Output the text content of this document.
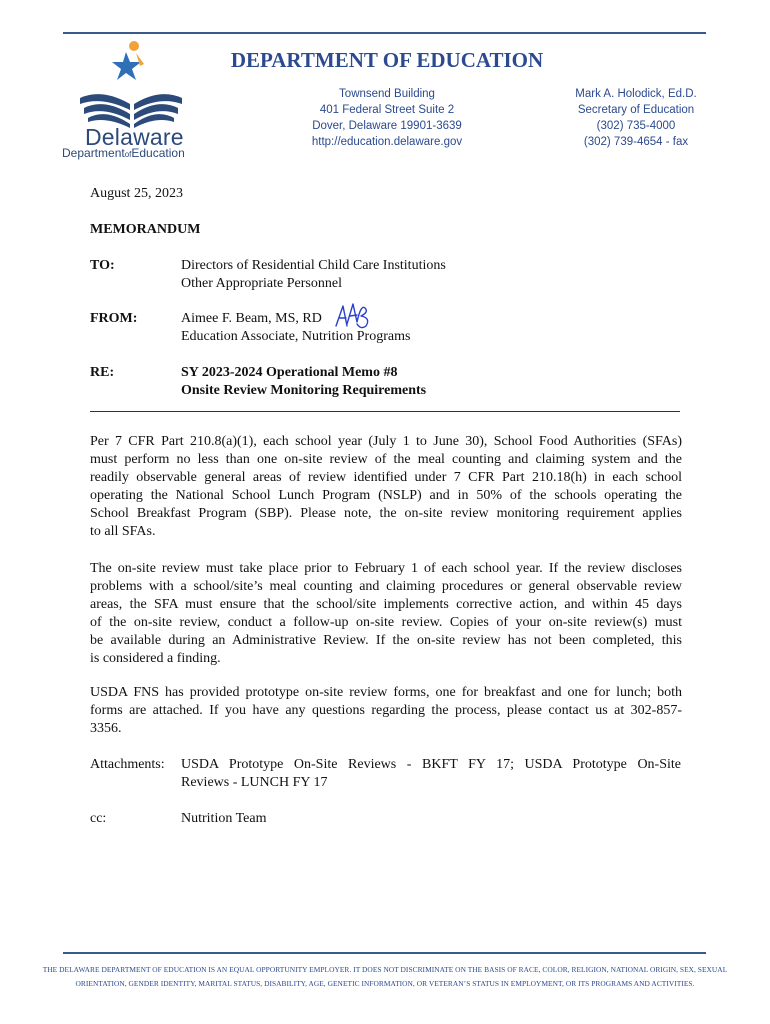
Delaware
DepartmentofEducation
DEPARTMENT OF EDUCATION
Townsend Building
401 Federal Street Suite 2
Dover, Delaware 19901-3639
http://education.delaware.gov
Mark A. Holodick, Ed.D.
Secretary of Education
(302) 735-4000
(302) 739-4654 - fax
August 25, 2023
MEMORANDUM
TO:	Directors of Residential Child Care Institutions
Other Appropriate Personnel
FROM:	Aimee F. Beam, MS, RD
Education Associate, Nutrition Programs
RE:	SY 2023-2024 Operational Memo #8
Onsite Review Monitoring Requirements
Per 7 CFR Part 210.8(a)(1), each school year (July 1 to June 30), School Food Authorities (SFAs)
must perform no less than one on-site review of the meal counting and claiming system and the
readily observable general areas of review identified under 7 CFR Part 210.18(h) in each school
operating the National School Lunch Program (NSLP) and in 50% of the schools operating the
School Breakfast Program (SBP). Please note, the on-site review monitoring requirement applies
to all SFAs.
The on-site review must take place prior to February 1 of each school year. If the review discloses
problems with a school/site’s meal counting and claiming procedures or general observable review
areas, the SFA must ensure that the school/site implements corrective action, and within 45 days
of the on-site review, conduct a follow-up on-site review. Copies of your on-site review(s) must
be available during an Administrative Review. If the on-site review has not been completed, this
is considered a finding.
USDA FNS has provided prototype on-site review forms, one for breakfast and one for lunch; both
forms are attached. If you have any questions regarding the process, please contact us at 302-857-
3356.
Attachments: USDA Prototype On-Site Reviews - BKFT FY 17; USDA Prototype On-Site
Reviews - LUNCH FY 17
cc:	Nutrition Team
THE DELAWARE DEPARTMENT OF EDUCATION IS AN EQUAL OPPORTUNITY EMPLOYER. IT DOES NOT DISCRIMINATE ON THE BASIS OF RACE, COLOR, RELIGION, NATIONAL ORIGIN, SEX, SEXUAL
ORIENTATION, GENDER IDENTITY, MARITAL STATUS, DISABILITY, AGE, GENETIC INFORMATION, OR VETERAN’S STATUS IN EMPLOYMENT, OR ITS PROGRAMS AND ACTIVITIES.
